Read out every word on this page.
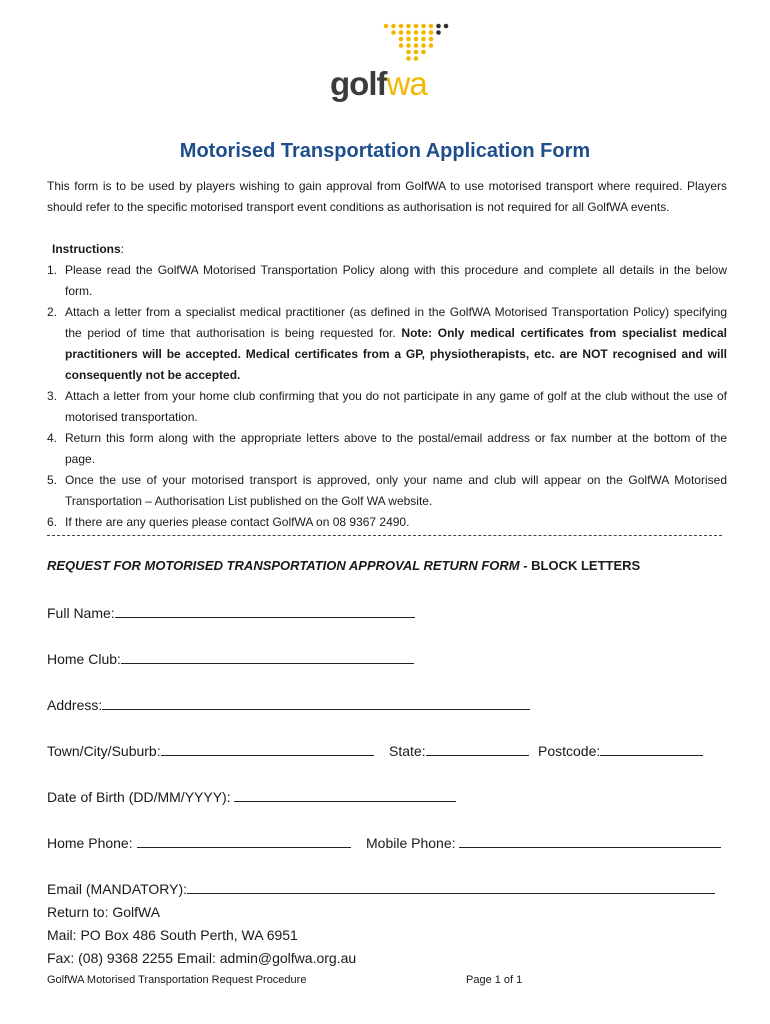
golfwa
Motorised Transportation Application Form
This form is to be used by players wishing to gain approval from GolfWA to use motorised transport where required. Players should refer to the specific motorised transport event conditions as authorisation is not required for all GolfWA events.
Instructions:
1. Please read the GolfWA Motorised Transportation Policy along with this procedure and complete all details in the below form.
2. Attach a letter from a specialist medical practitioner (as defined in the GolfWA Motorised Transportation Policy) specifying the period of time that authorisation is being requested for. Note: Only medical certificates from specialist medical practitioners will be accepted. Medical certificates from a GP, physiotherapists, etc. are NOT recognised and will consequently not be accepted.
3. Attach a letter from your home club confirming that you do not participate in any game of golf at the club without the use of motorised transportation.
4. Return this form along with the appropriate letters above to the postal/email address or fax number at the bottom of the page.
5. Once the use of your motorised transport is approved, only your name and club will appear on the GolfWA Motorised Transportation – Authorisation List published on the Golf WA website.
6. If there are any queries please contact GolfWA on 08 9367 2490.
REQUEST FOR MOTORISED TRANSPORTATION APPROVAL RETURN FORM - BLOCK LETTERS
Full Name:
Home Club:
Address:
Town/City/Suburb:	State:	Postcode:
Date of Birth (DD/MM/YYYY):
Home Phone:	Mobile Phone:
Email (MANDATORY):
Return to: GolfWA
Mail: PO Box 486 South Perth, WA 6951
Fax: (08) 9368 2255 Email: admin@golfwa.org.au
GolfWA Motorised Transportation Request Procedure	Page 1 of 1
